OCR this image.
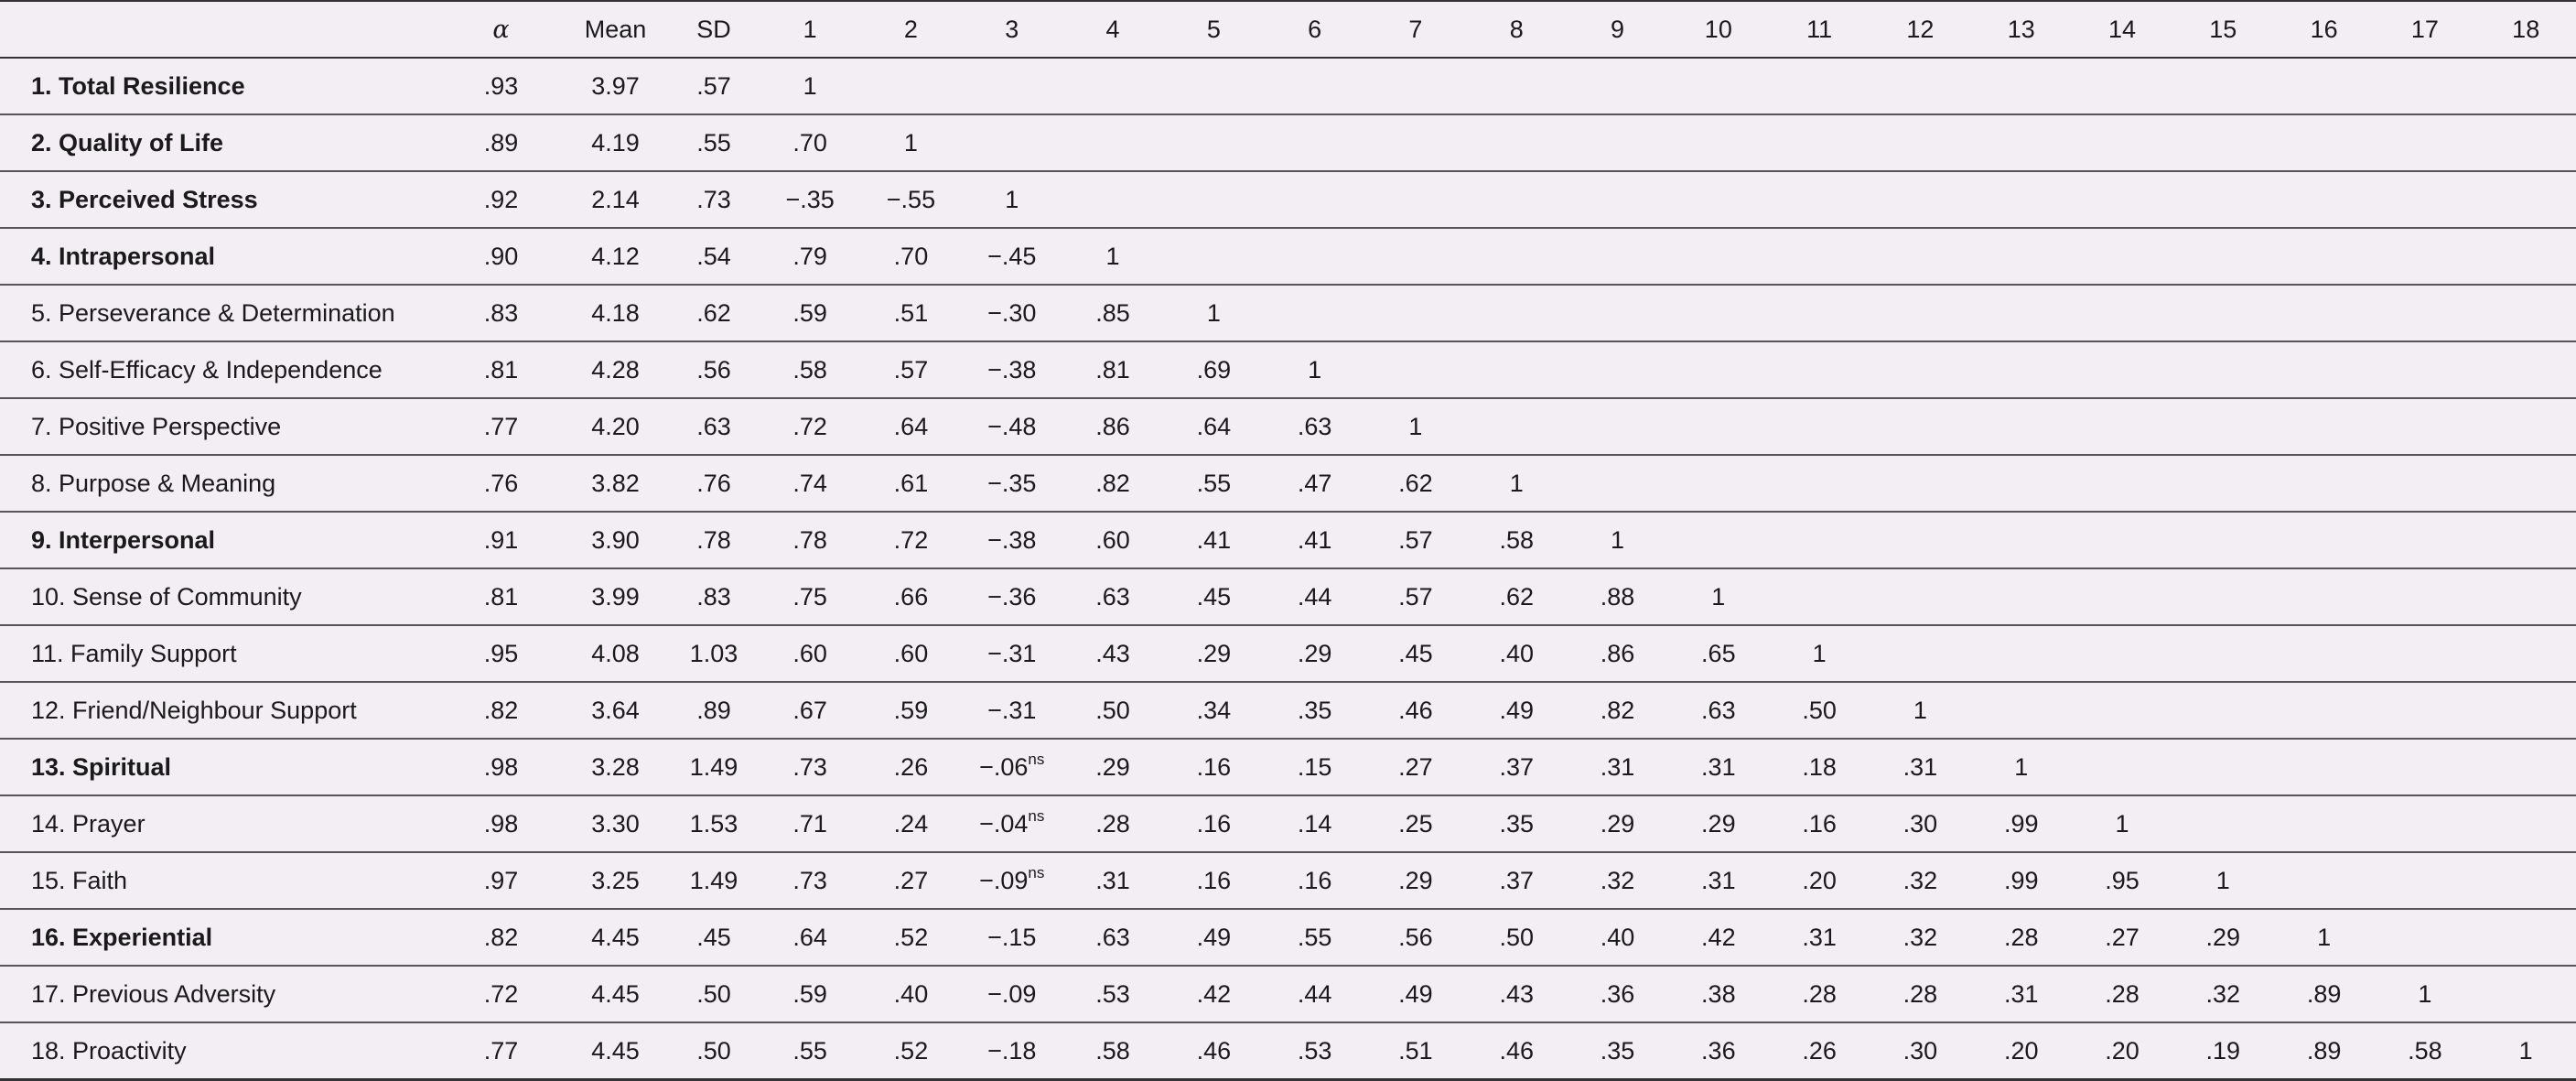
	α	Mean	SD	1	2	3	4	5	6	7	8	9	10	11	12	13	14	15	16	17	18
1. Total Resilience	.93	3.97	.57	1																	
2. Quality of Life	.89	4.19	.55	.70	1																
3. Perceived Stress	.92	2.14	.73	−.35	−.55	1															
4. Intrapersonal	.90	4.12	.54	.79	.70	−.45	1														
5. Perseverance & Determination	.83	4.18	.62	.59	.51	−.30	.85	1													
6. Self-Efficacy & Independence	.81	4.28	.56	.58	.57	−.38	.81	.69	1												
7. Positive Perspective	.77	4.20	.63	.72	.64	−.48	.86	.64	.63	1											
8. Purpose & Meaning	.76	3.82	.76	.74	.61	−.35	.82	.55	.47	.62	1										
9. Interpersonal	.91	3.90	.78	.78	.72	−.38	.60	.41	.41	.57	.58	1									
10. Sense of Community	.81	3.99	.83	.75	.66	−.36	.63	.45	.44	.57	.62	.88	1								
11. Family Support	.95	4.08	1.03	.60	.60	−.31	.43	.29	.29	.45	.40	.86	.65	1							
12. Friend/Neighbour Support	.82	3.64	.89	.67	.59	−.31	.50	.34	.35	.46	.49	.82	.63	.50	1						
13. Spiritual	.98	3.28	1.49	.73	.26	$-.06^{ns}$	.29	.16	.15	.27	.37	.31	.31	.18	.31	1					
14. Prayer	.98	3.30	1.53	.71	.24	$-.04^{ns}$	.28	.16	.14	.25	.35	.29	.29	.16	.30	.99	1				
15. Faith	.97	3.25	1.49	.73	.27	$-.09^{ns}$	.31	.16	.16	.29	.37	.32	.31	.20	.32	.99	.95	1			
16. Experiential	.82	4.45	.45	.64	.52	−.15	.63	.49	.55	.56	.50	.40	.42	.31	.32	.28	.27	.29	1		
17. Previous Adversity	.72	4.45	.50	.59	.40	−.09	.53	.42	.44	.49	.43	.36	.38	.28	.28	.31	.28	.32	.89	1	
18. Proactivity	.77	4.45	.50	.55	.52	−.18	.58	.46	.53	.51	.46	.35	.36	.26	.30	.20	.20	.19	.89	.58	1
